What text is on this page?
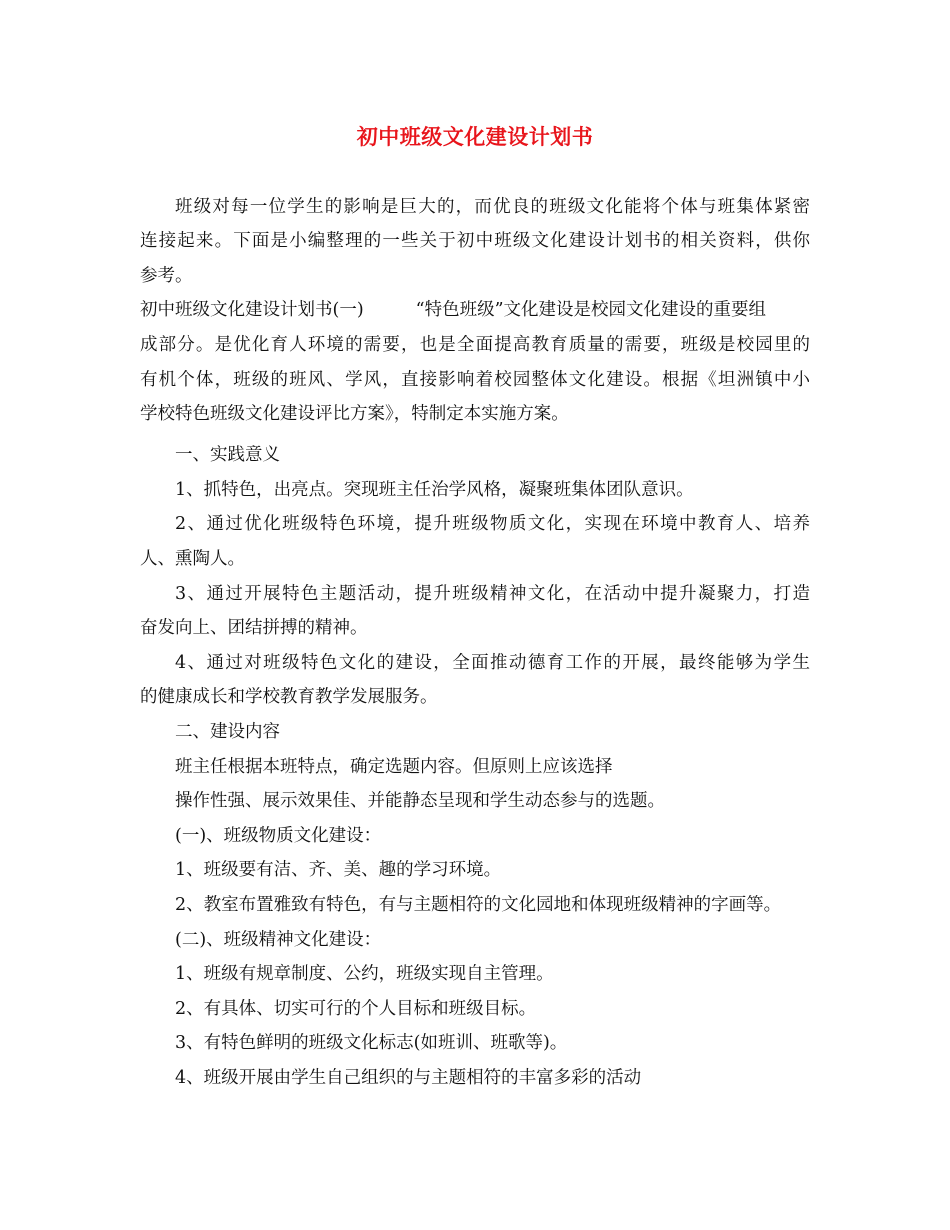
初中班级文化建设计划书
班级对每一位学生的影响是巨大的，而优良的班级文化能将个体与班集体紧密
连接起来。下面是小编整理的一些关于初中班级文化建设计划书的相关资料，供你
参考。
初中班级文化建设计划书(一)	“特色班级”文化建设是校园文化建设的重要组
成部分。是优化育人环境的需要，也是全面提高教育质量的需要，班级是校园里的
有机个体，班级的班风、学风，直接影响着校园整体文化建设。根据《坦洲镇中小
学校特色班级文化建设评比方案》，特制定本实施方案。
一、实践意义
1、抓特色，出亮点。突现班主任治学风格，凝聚班集体团队意识。
2、通过优化班级特色环境，提升班级物质文化，实现在环境中教育人、培养
人、熏陶人。
3、通过开展特色主题活动，提升班级精神文化，在活动中提升凝聚力，打造
奋发向上、团结拼搏的精神。
4、通过对班级特色文化的建设，全面推动德育工作的开展，最终能够为学生
的健康成长和学校教育教学发展服务。
二、建设内容
班主任根据本班特点，确定选题内容。但原则上应该选择
操作性强、展示效果佳、并能静态呈现和学生动态参与的选题。
(一)、班级物质文化建设：
1、班级要有洁、齐、美、趣的学习环境。
2、教室布置雅致有特色，有与主题相符的文化园地和体现班级精神的字画等。
(二)、班级精神文化建设：
1、班级有规章制度、公约，班级实现自主管理。
2、有具体、切实可行的个人目标和班级目标。
3、有特色鲜明的班级文化标志(如班训、班歌等)。
4、班级开展由学生自己组织的与主题相符的丰富多彩的活动
